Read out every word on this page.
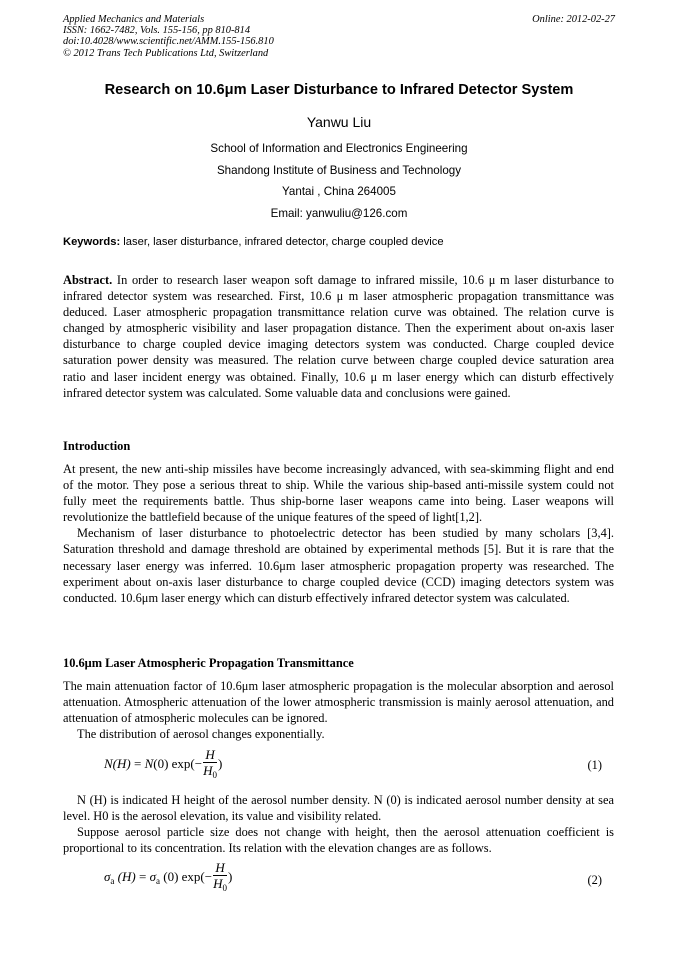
Applied Mechanics and Materials
ISSN: 1662-7482, Vols. 155-156, pp 810-814
doi:10.4028/www.scientific.net/AMM.155-156.810
© 2012 Trans Tech Publications Ltd, Switzerland
Online: 2012-02-27
Research on 10.6μm Laser Disturbance to Infrared Detector System
Yanwu Liu
School of Information and Electronics Engineering
Shandong Institute of Business and Technology
Yantai , China 264005
Email: yanwuliu@126.com
Keywords: laser, laser disturbance, infrared detector, charge coupled device
Abstract. In order to research laser weapon soft damage to infrared missile, 10.6 μ m laser disturbance to infrared detector system was researched. First, 10.6 μ m laser atmospheric propagation transmittance was deduced. Laser atmospheric propagation transmittance relation curve was obtained. The relation curve is changed by atmospheric visibility and laser propagation distance. Then the experiment about on-axis laser disturbance to charge coupled device imaging detectors system was conducted. Charge coupled device saturation power density was measured. The relation curve between charge coupled device saturation area ratio and laser incident energy was obtained. Finally, 10.6 μ m laser energy which can disturb effectively infrared detector system was calculated. Some valuable data and conclusions were gained.
Introduction

At present, the new anti-ship missiles have become increasingly advanced, with sea-skimming flight and end of the motor. They pose a serious threat to ship. While the various ship-based anti-missile system could not fully meet the requirements battle. Thus ship-borne laser weapons came into being. Laser weapons will revolutionize the battlefield because of the unique features of the speed of light[1,2].

Mechanism of laser disturbance to photoelectric detector has been studied by many scholars [3,4]. Saturation threshold and damage threshold are obtained by experimental methods [5]. But it is rare that the necessary laser energy was inferred. 10.6μm laser atmospheric propagation property was researched. The experiment about on-axis laser disturbance to charge coupled device (CCD) imaging detectors system was conducted. 10.6μm laser energy which can disturb effectively infrared detector system was calculated.

10.6μm Laser Atmospheric Propagation Transmittance

The main attenuation factor of 10.6μm laser atmospheric propagation is the molecular absorption and aerosol attenuation. Atmospheric attenuation of the lower atmospheric transmission is mainly aerosol attenuation, and attenuation of atmospheric molecules can be ignored.

The distribution of aerosol changes exponentially.

N(H) = N(0) $\exp(- \frac{H}{H_0}$ )	(1)

N (H) is indicated H height of the aerosol number density. N (0) is indicated aerosol number density at sea level. H0 is the aerosol elevation, its value and visibility related.

Suppose aerosol particle size does not change with height, then the aerosol attenuation coefficient is proportional to its concentration. Its relation with the elevation changes are as follows.

$\sigma_a$ $(H) = \sigma_a$ (0) $\exp(- \frac{H}{H_0}$ )	(2)
